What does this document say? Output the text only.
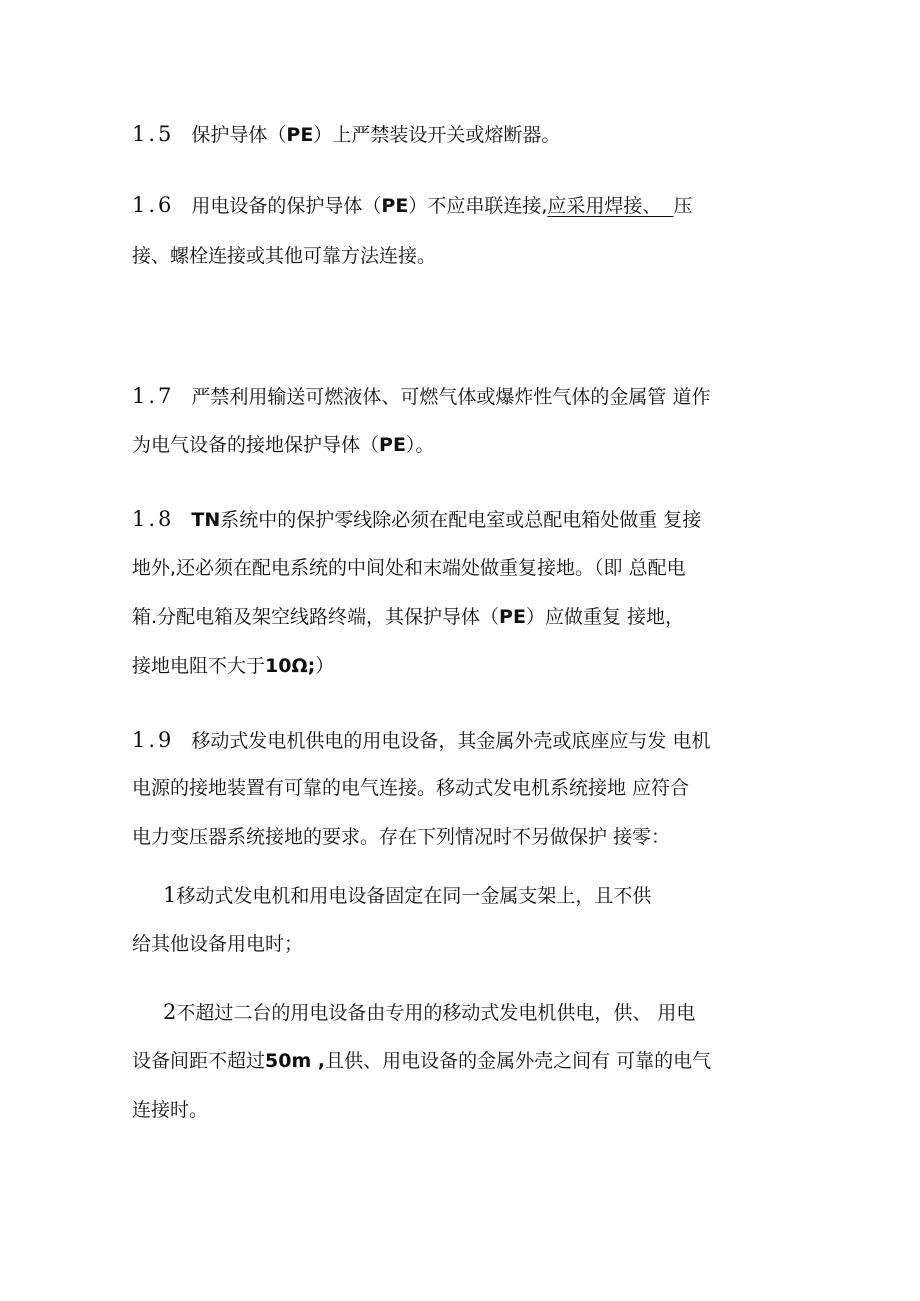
1.5 保护导体（PE）上严禁装设开关或熔断器。
1.6 用电设备的保护导体（PE）不应串联连接,应采用焊接、  压
接、螺栓连接或其他可靠方法连接。
1.7 严禁利用输送可燃液体、可燃气体或爆炸性气体的金属管 道作
为电气设备的接地保护导体（PE）。
1.8 TN系统中的保护零线除必须在配电室或总配电箱处做重 复接
地外,还必须在配电系统的中间处和末端处做重复接地。（即 总配电
箱.分配电箱及架空线路终端，其保护导体（PE）应做重复 接地，
接地电阻不大于10Ω;）
1.9 移动式发电机供电的用电设备，其金属外壳或底座应与发 电机
电源的接地装置有可靠的电气连接。移动式发电机系统接地 应符合
电力变压器系统接地的要求。存在下列情况时不另做保护 接零：
1移动式发电机和用电设备固定在同一金属支架上，且不供
给其他设备用电时；
2不超过二台的用电设备由专用的移动式发电机供电，供、 用电
设备间距不超过50m ,且供、用电设备的金属外壳之间有 可靠的电气
连接时。
